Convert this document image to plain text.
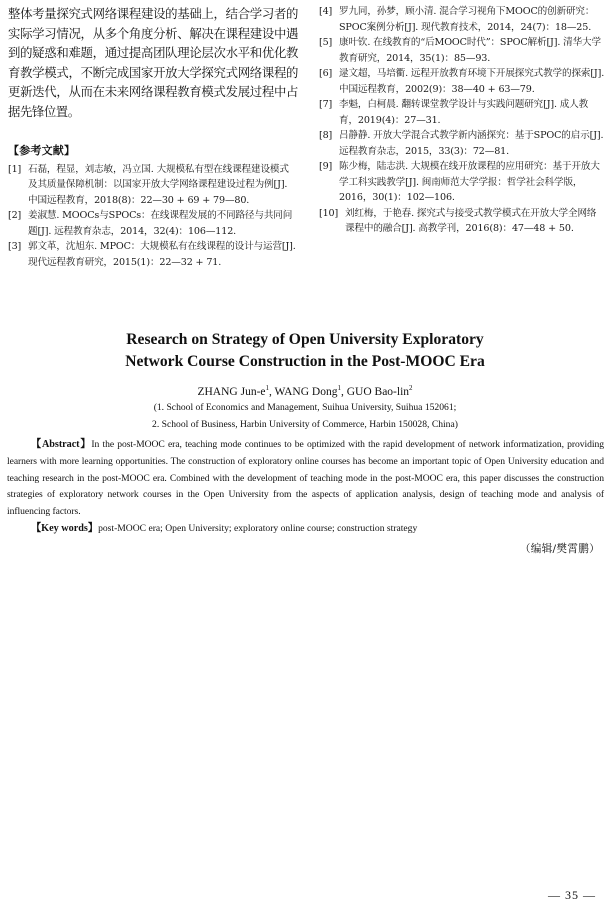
整体考量探究式网络课程建设的基础上，结合学习者的实际学习情况，从多个角度分析、解决在课程建设中遇到的疑惑和难题，通过提高团队理论层次水平和优化教育教学模式，不断完成国家开放大学探究式网络课程的更新迭代，从而在未来网络课程教育模式发展过程中占据先锋位置。

【参考文献】
[1] 石磊，程显，刘志敏，冯立国. 大规模私有型在线课程建设模式及其质量保障机制：以国家开放大学网络课程建设过程为例[J]. 中国远程教育，2018(8)：22—30 + 69 + 79—80.
[2] 姜淑慧. MOOCs与SPOCs：在线课程发展的不同路径与共同问题[J]. 远程教育杂志，2014，32(4)：106—112.
[3] 郭文革，沈旭东. MPOC：大规模私有在线课程的设计与运营[J]. 现代远程教育研究，2015(1)：22—32 + 71.
[4] 罗九同，孙梦，顾小清. 混合学习视角下MOOC的创新研究：SPOC案例分析[J]. 现代教育技术，2014，24(7)：18—25.
[5] 康叶钦. 在线教育的“后MOOC时代”：SPOC解析[J]. 清华大学教育研究，2014，35(1)：85—93.
[6] 逯文超，马培衢. 远程开放教育环境下开展探究式教学的探索[J]. 中国远程教育，2002(9)：38—40 + 63—79.
[7] 李魁，白柯晨. 翻转课堂教学设计与实践问题研究[J]. 成人教育，2019(4)：27—31.
[8] 吕静静. 开放大学混合式教学新内涵探究：基于SPOC的启示[J]. 远程教育杂志，2015，33(3)：72—81.
[9] 陈少梅，陆志洪. 大规模在线开放课程的应用研究：基于开放大学工科实践教学[J]. 闽南师范大学学报：哲学社会科学版，2016，30(1)：102—106.
[10] 刘红梅，于艳春. 探究式与接受式教学模式在开放大学全网络课程中的融合[J]. 高教学刊，2016(8)：47—48 + 50.
Research on Strategy of Open University Exploratory
Network Course Construction in the Post-MOOC Era
ZHANG Jun-$e^1$, WANG Dong$^1$, GUO Bao-lin$^2$
(1. School of Economics and Management, Suihua University, Suihua 152061;
2. School of Business, Harbin University of Commerce, Harbin 150028, China)

【Abstract】In the post-MOOC era, teaching mode continues to be optimized with the rapid development of network informatization, providing learners with more learning opportunities. The construction of exploratory online courses has become an important topic of Open University education and teaching research in the post-MOOC era. Combined with the development of teaching mode in the post-MOOC era, this paper discusses the construction strategies of exploratory network courses in the Open University from the aspects of application analysis, design of teaching mode and analysis of influencing factors.

【Key words】post-MOOC era; Open University; exploratory online course; construction strategy

（编辑/樊霄鹏）
— 35 —
